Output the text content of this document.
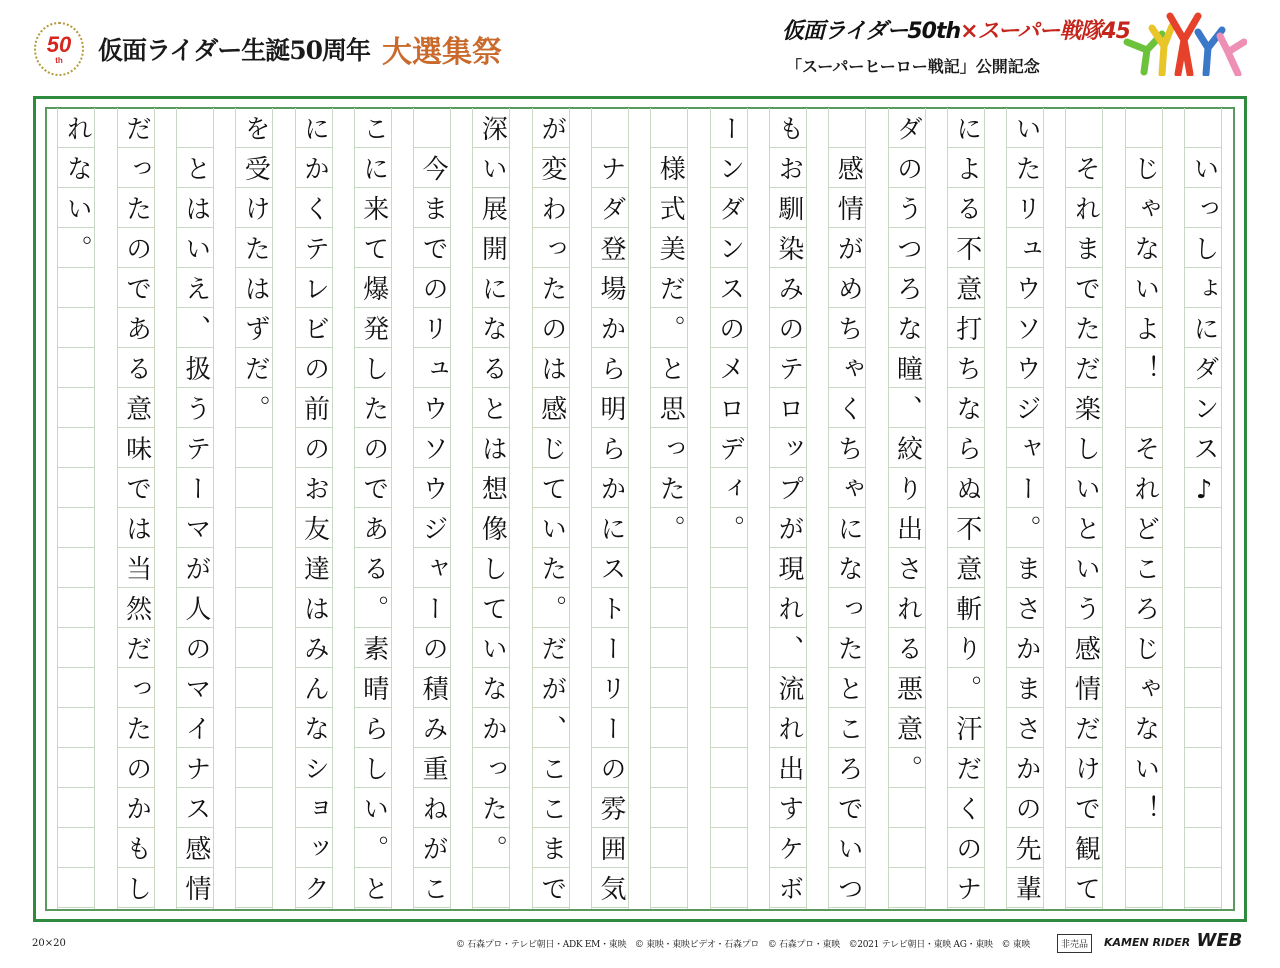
50
th 仮面ライダー生誕50周年 大選集祭
仮面ライダー50th×スーパー戦隊45
「スーパーヒーロー戦記」公開記念
　いっしょにダンス♪
　じゃないよ！　それどころじゃない！
　それまでただ楽しいという感情だけで観て
いたリュウソウジャー。まさかまさかの先輩
による不意打ちならぬ不意斬り。汗だくのナ
ダのうつろな瞳、絞り出される悪意。
　感情がめちゃくちゃになったところでいつ
もお馴染みのテロップが現れ、流れ出すケボ
ーンダンスのメロディ。
　様式美だ。と思った。
　ナダ登場から明らかにストーリーの雰囲気
が変わったのは感じていた。だが、ここまで
深い展開になるとは想像していなかった。
　今までのリュウソウジャーの積み重ねがこ
こに来て爆発したのである。素晴らしい。と
にかくテレビの前のお友達はみんなショック
を受けたはずだ。
　とはいえ、扱うテーマが人のマイナス感情
だったのである意味では当然だったのかもし
れない。
20×20	© 石森プロ・テレビ朝日・ADK EM・東映　© 東映・東映ビデオ・石森プロ　© 石森プロ・東映　©2021 テレビ朝日・東映 AG・東映　© 東映	非売品	KAMEN RIDER WEB
